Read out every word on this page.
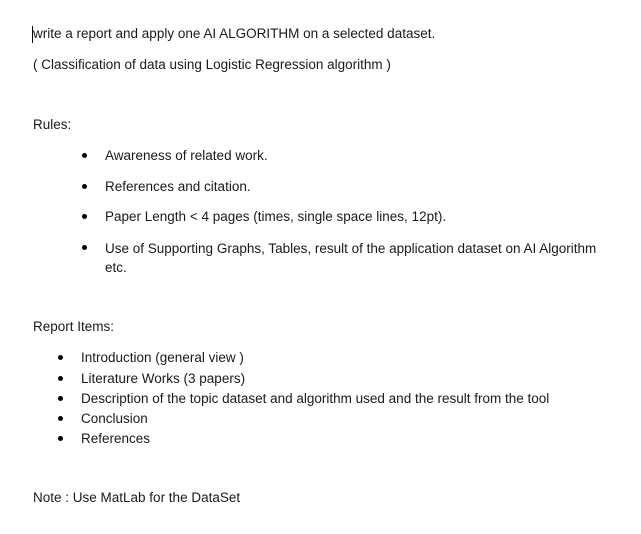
write a report and apply one AI ALGORITHM on a selected dataset.
( Classification of data using Logistic Regression algorithm )
Rules:
Awareness of related work.
References and citation.
Paper Length < 4 pages (times, single space lines, 12pt).
Use of Supporting Graphs, Tables, result of the application dataset on AI Algorithm etc.
Report Items:
Introduction (general view )
Literature Works (3 papers)
Description of the topic dataset and algorithm used and the result from the tool
Conclusion
References
Note : Use MatLab for the DataSet
